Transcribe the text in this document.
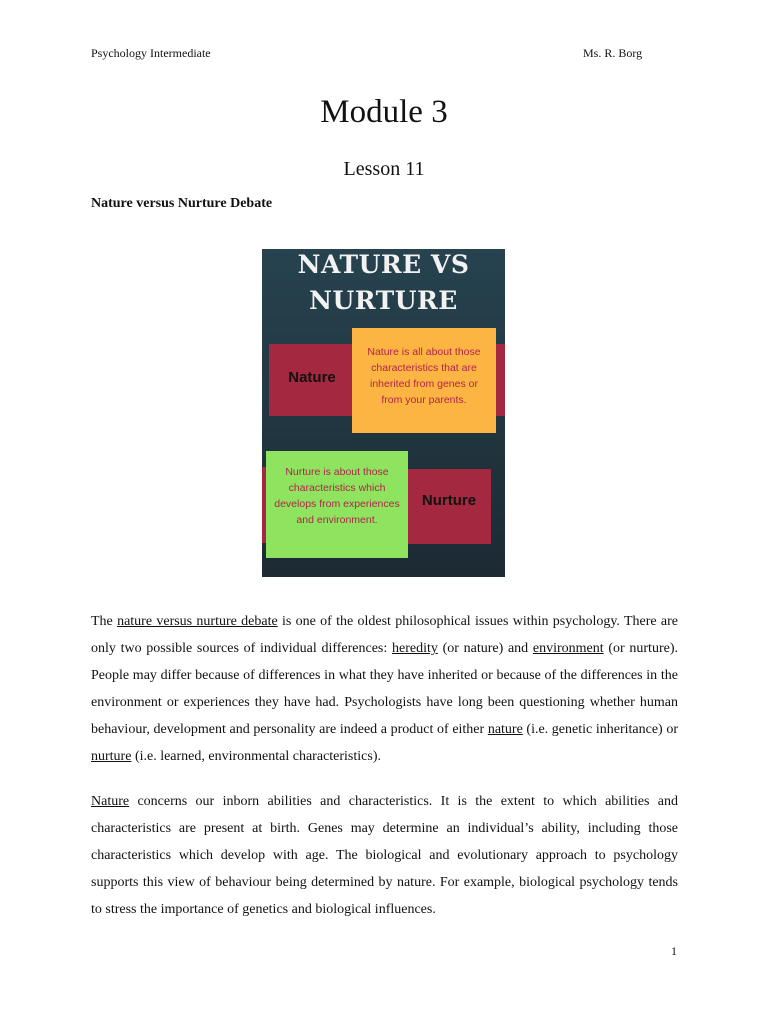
Psychology Intermediate	Ms. R. Borg
Module 3
Lesson 11
Nature versus Nurture Debate
NATURE VS
NURTURE
Nature
Nature is all about those characteristics that are inherited from genes or from your parents.
Nurture
Nurture is about those characteristics which develops from experiences and environment.
The nature versus nurture debate is one of the oldest philosophical issues within psychology. There are only two possible sources of individual differences: heredity (or nature) and environment (or nurture). People may differ because of differences in what they have inherited or because of the differences in the environment or experiences they have had. Psychologists have long been questioning whether human behaviour, development and personality are indeed a product of either nature (i.e. genetic inheritance) or nurture (i.e. learned, environmental characteristics).
Nature concerns our inborn abilities and characteristics. It is the extent to which abilities and characteristics are present at birth. Genes may determine an individual’s ability, including those characteristics which develop with age. The biological and evolutionary approach to psychology supports this view of behaviour being determined by nature. For example, biological psychology tends to stress the importance of genetics and biological influences.
1
